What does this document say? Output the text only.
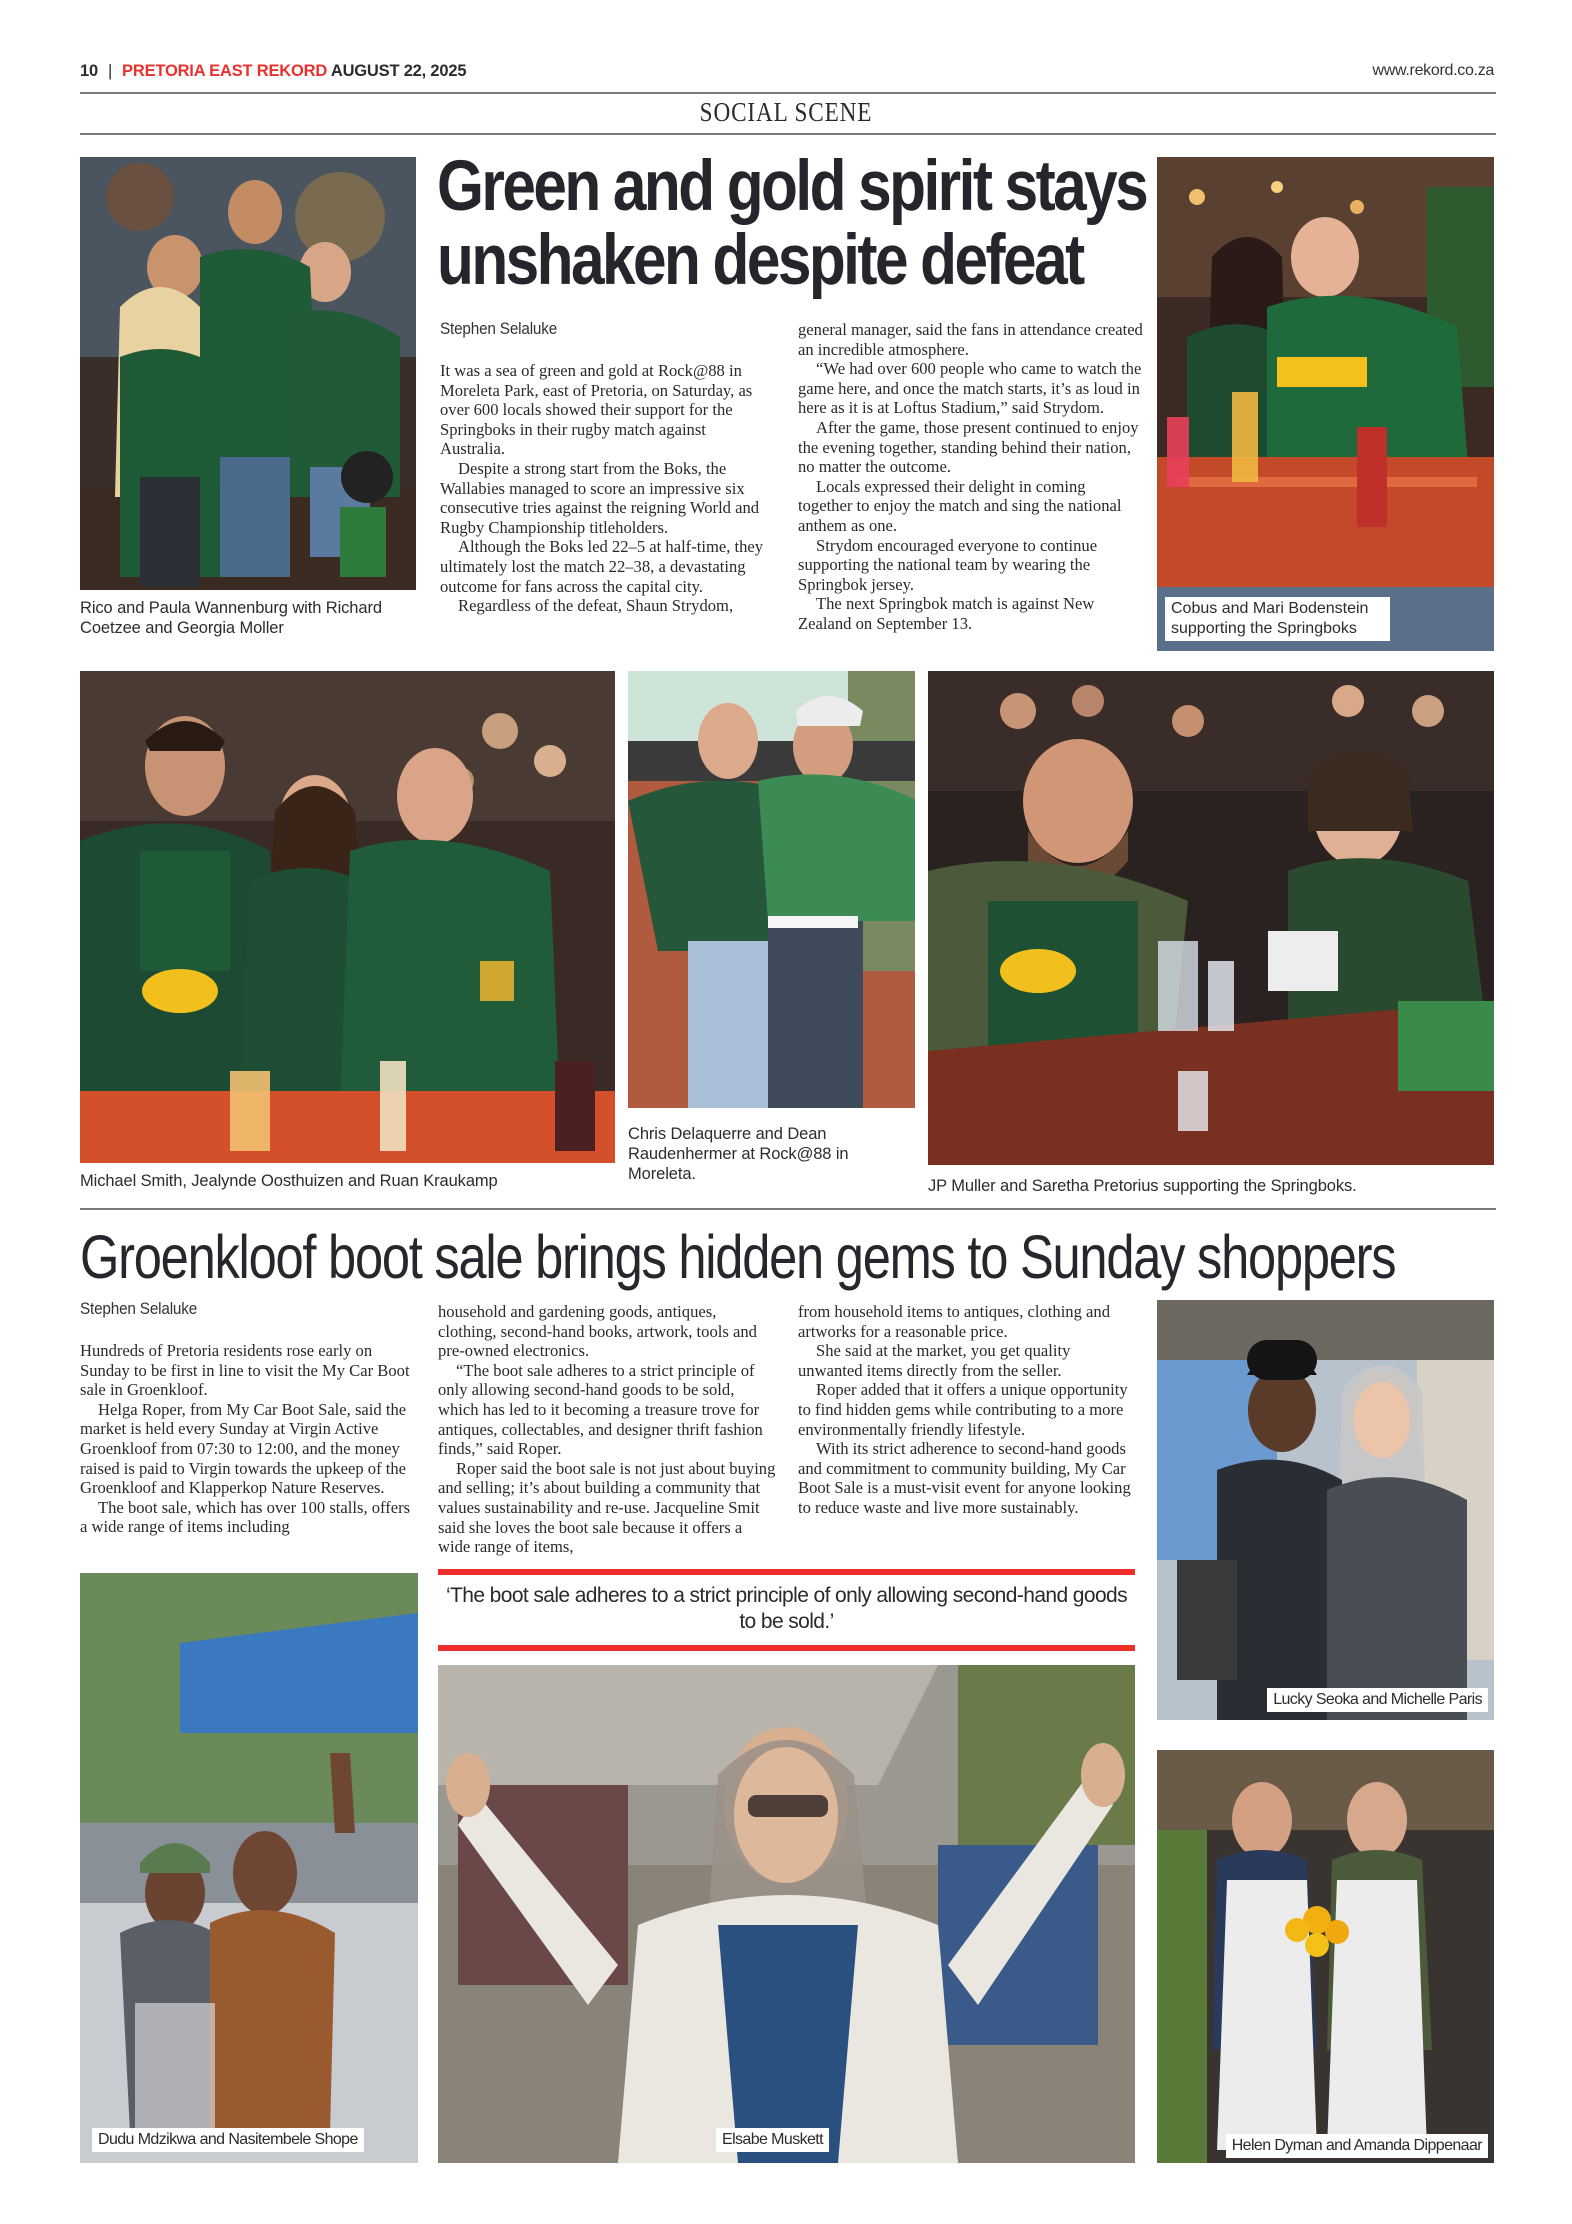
10 | PRETORIA EAST REKORD AUGUST 22, 2025	www.rekord.co.za
SOCIAL SCENE
Rico and Paula Wannenburg with Richard Coetzee and Georgia Moller
Green and gold spirit stays
unshaken despite defeat
Stephen Selaluke

It was a sea of green and gold at Rock@88 in Moreleta Park, east of Pretoria, on Saturday, as over 600 locals showed their support for the Springboks in their rugby match against Australia.

Despite a strong start from the Boks, the Wallabies managed to score an impressive six consecutive tries against the reigning World and Rugby Championship titleholders.

Although the Boks led 22–5 at half-time, they ultimately lost the match 22–38, a devastating outcome for fans across the capital city.

Regardless of the defeat, Shaun Strydom,

general manager, said the fans in attendance created an incredible atmosphere.

“We had over 600 people who came to watch the game here, and once the match starts, it’s as loud in here as it is at Loftus Stadium,” said Strydom.

After the game, those present continued to enjoy the evening together, standing behind their nation, no matter the outcome.

Locals expressed their delight in coming together to enjoy the match and sing the national anthem as one.

Strydom encouraged everyone to continue supporting the national team by wearing the Springbok jersey.

The next Springbok match is against New Zealand on September 13.

Cobus and Mari Bodenstein supporting the Springboks
Michael Smith, Jealynde Oosthuizen and Ruan Kraukamp
Chris Delaquerre and Dean Raudenhermer at Rock@88 in Moreleta.
JP Muller and Saretha Pretorius supporting the Springboks.
Groenkloof boot sale brings hidden gems to Sunday shoppers
Stephen Selaluke

Hundreds of Pretoria residents rose early on Sunday to be first in line to visit the My Car Boot sale in Groenkloof.

Helga Roper, from My Car Boot Sale, said the market is held every Sunday at Virgin Active Groenkloof from 07:30 to 12:00, and the money raised is paid to Virgin towards the upkeep of the Groenkloof and Klapperkop Nature Reserves.

The boot sale, which has over 100 stalls, offers a wide range of items including

household and gardening goods, antiques, clothing, second-hand books, artwork, tools and pre-owned electronics.

“The boot sale adheres to a strict principle of only allowing second-hand goods to be sold, which has led to it becoming a treasure trove for antiques, collectables, and designer thrift fashion finds,” said Roper.

Roper said the boot sale is not just about buying and selling; it’s about building a community that values sustainability and re-use. Jacqueline Smit said she loves the boot sale because it offers a wide range of items,

from household items to antiques, clothing and artworks for a reasonable price.

She said at the market, you get quality unwanted items directly from the seller.

Roper added that it offers a unique opportunity to find hidden gems while contributing to a more environmentally friendly lifestyle.

With its strict adherence to second-hand goods and commitment to community building, My Car Boot Sale is a must-visit event for anyone looking to reduce waste and live more sustainably.

Lucky Seoka and Michelle Paris
Helen Dyman and Amanda Dippenaar
‘The boot sale adheres to a strict principle of only allowing second-hand goods to be sold.’
Dudu Mdzikwa and Nasitembele Shope	Elsabe Muskett
